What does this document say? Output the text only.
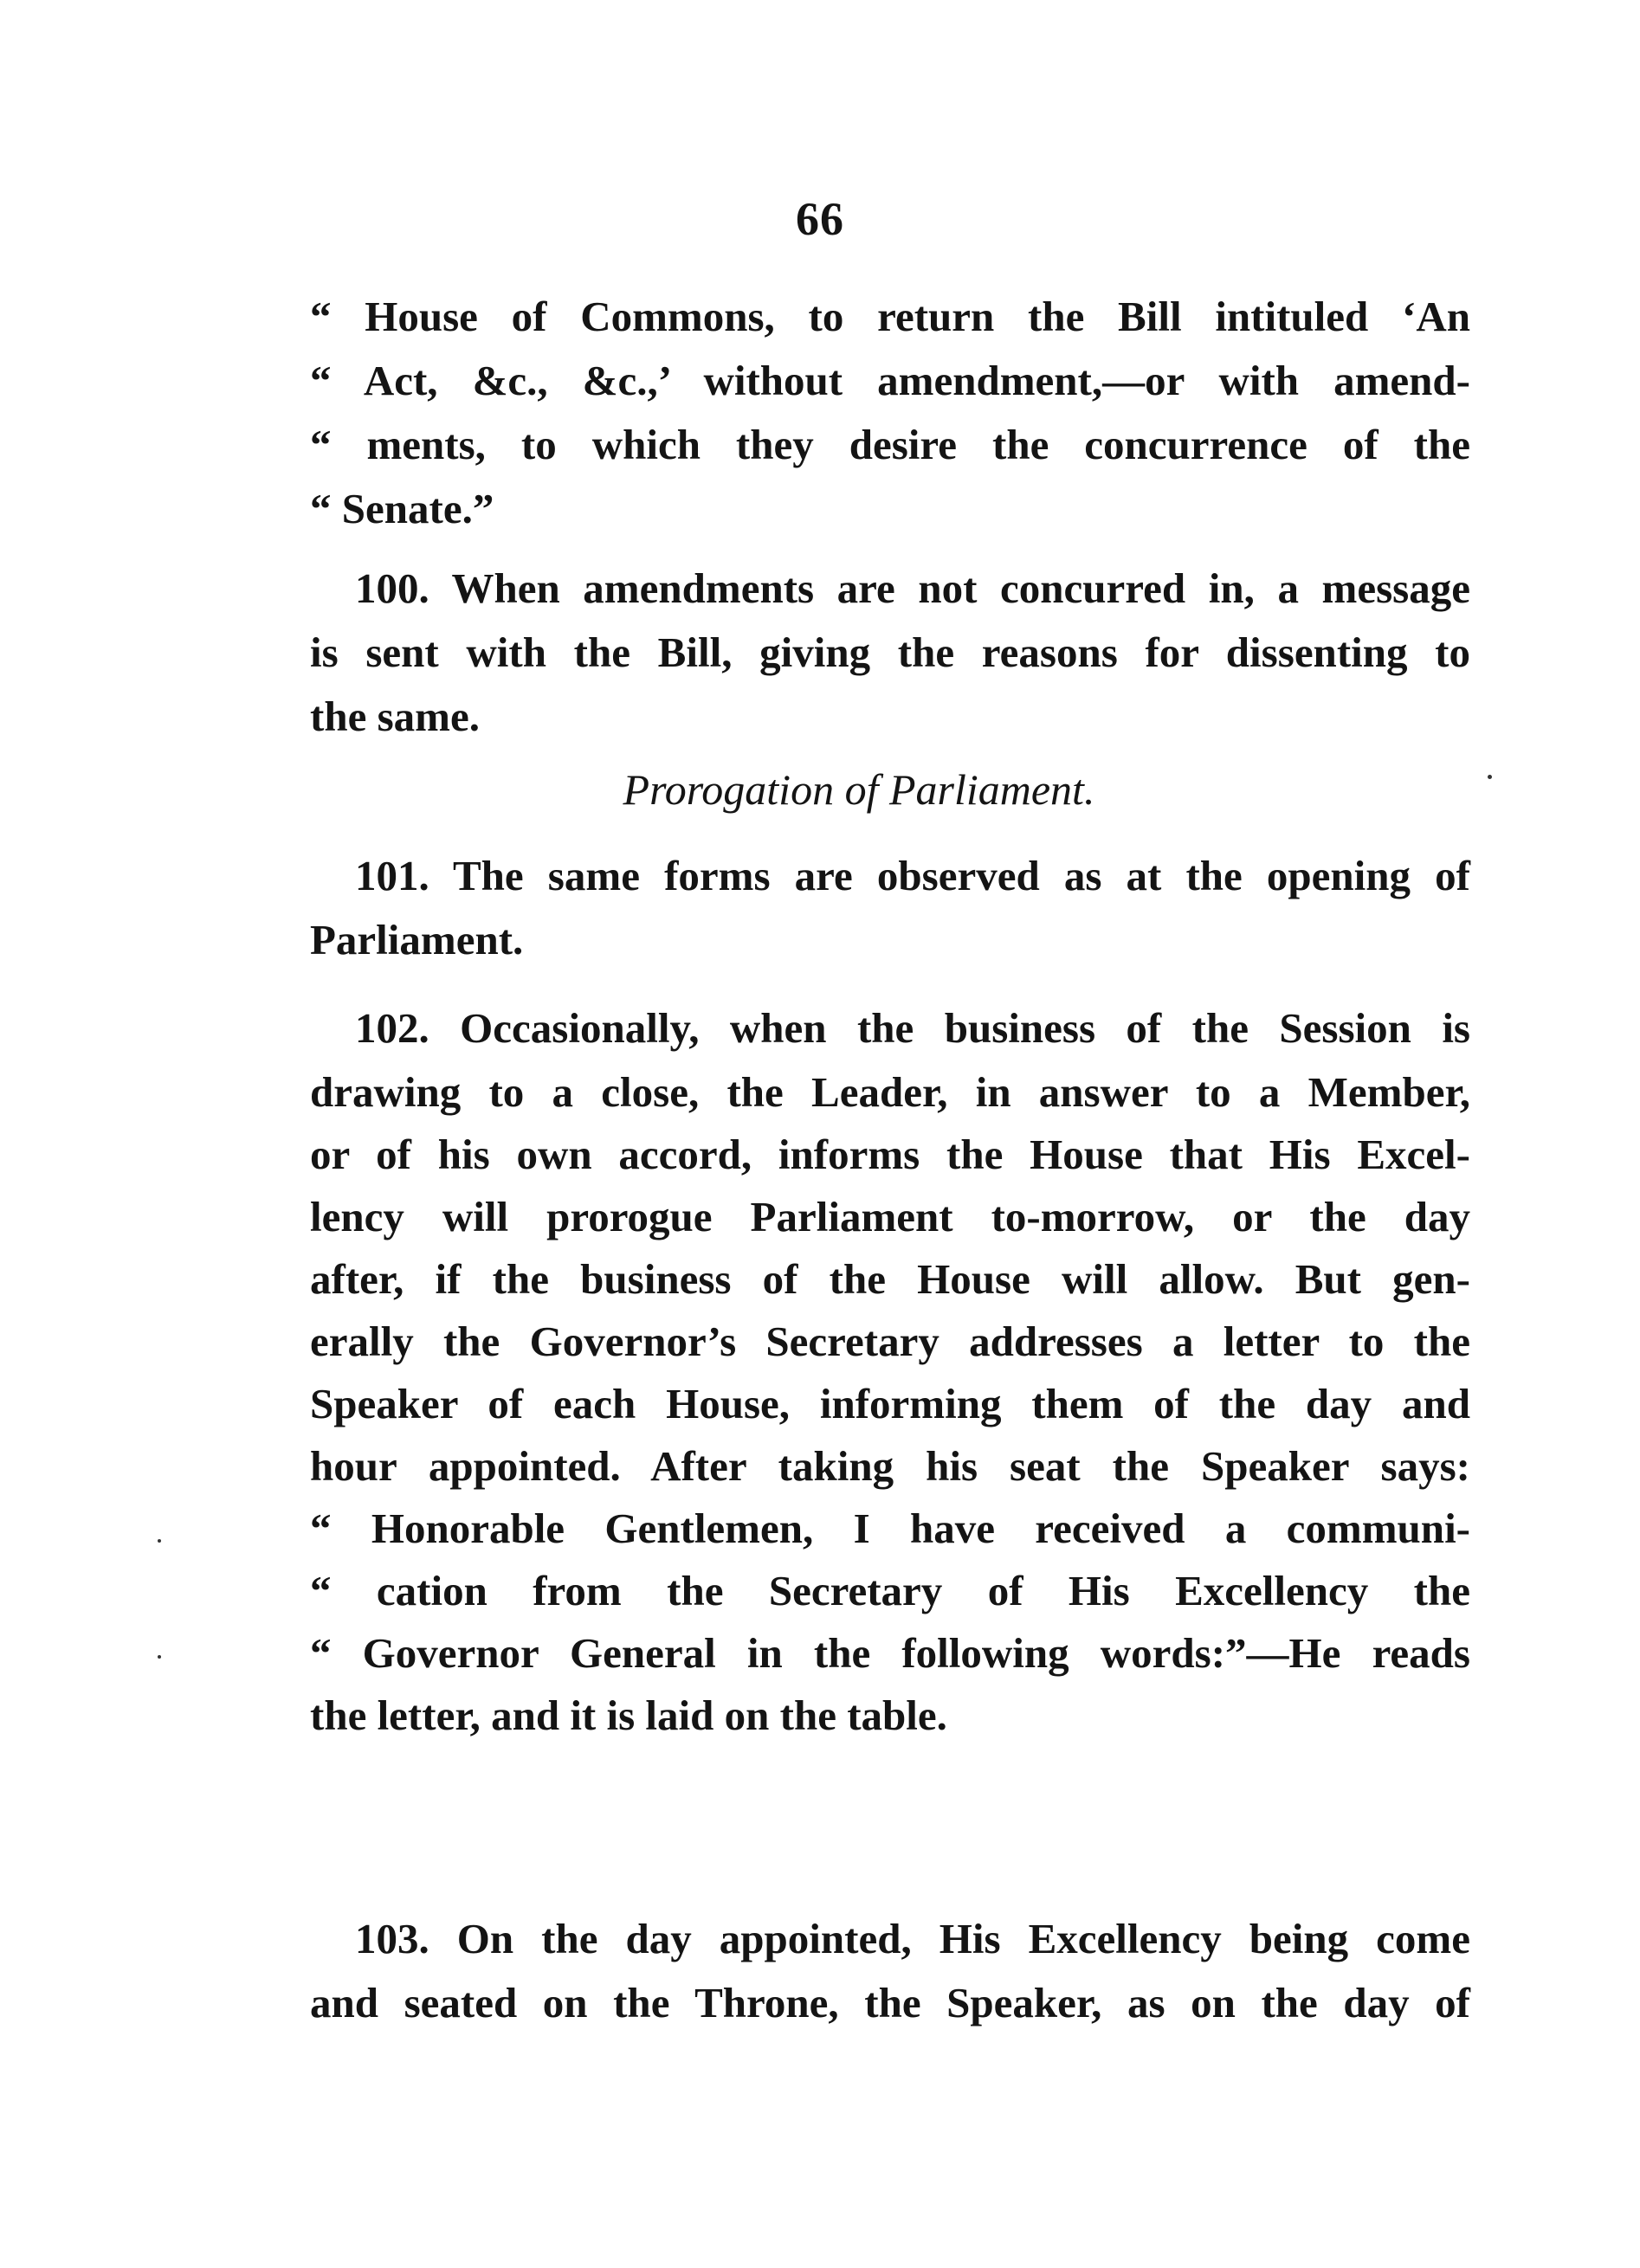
66
“ House of Commons, to return the Bill intituled ‘An
“ Act, &c., &c.,’ without amendment,—or with amend-
“ ments, to which they desire the concurrence of the
“ Senate.”
100. When amendments are not concurred in, a message
is sent with the Bill, giving the reasons for dissenting to
the same.
Prorogation of Parliament.
101. The same forms are observed as at the opening of
Parliament.
102. Occasionally, when the business of the Session is
drawing to a close, the Leader, in answer to a Member,
or of his own accord, informs the House that His Excel-
lency will prorogue Parliament to-morrow, or the day
after, if the business of the House will allow. But gen-
erally the Governor’s Secretary addresses a letter to the
Speaker of each House, informing them of the day and
hour appointed. After taking his seat the Speaker says:
“ Honorable Gentlemen, I have received a communi-
“ cation from the Secretary of His Excellency the
“ Governor General in the following words:”—He reads
the letter, and it is laid on the table.
103. On the day appointed, His Excellency being come
and seated on the Throne, the Speaker, as on the day of
